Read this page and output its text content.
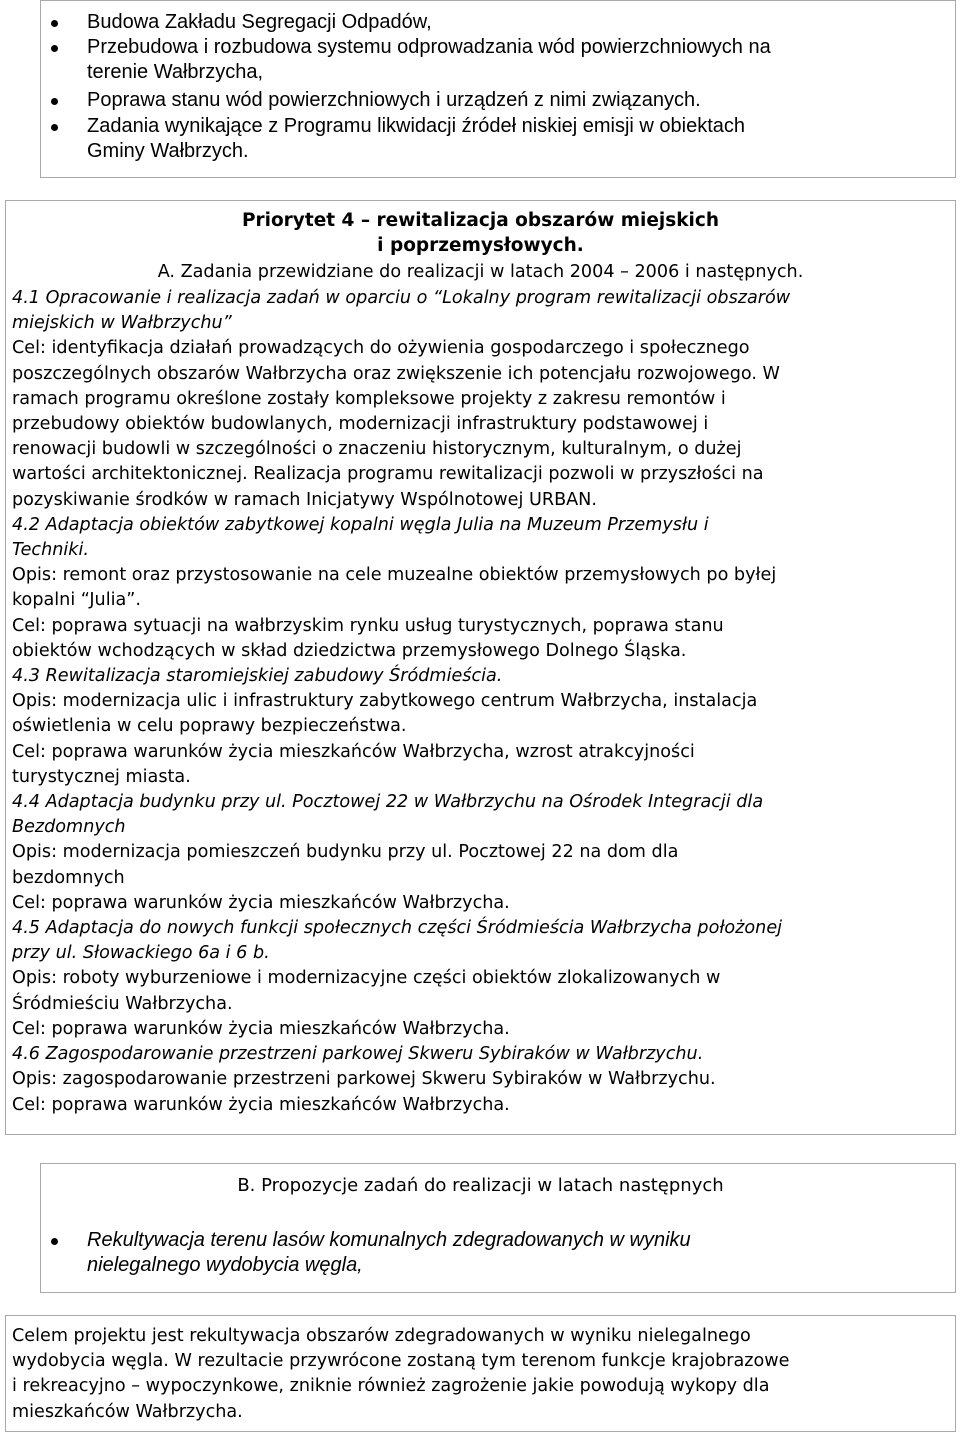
Budowa Zakładu Segregacji Odpadów,
Przebudowa i rozbudowa systemu odprowadzania wód powierzchniowych na
terenie Wałbrzycha,
Poprawa stanu wód powierzchniowych i urządzeń z nimi związanych.
Zadania wynikające z Programu likwidacji źródeł niskiej emisji w obiektach
Gminy Wałbrzych.
Priorytet 4 – rewitalizacja obszarów miejskich
i poprzemysłowych.
A. Zadania przewidziane do realizacji w latach 2004 – 2006 i następnych.
4.1 Opracowanie i realizacja zadań w oparciu o “Lokalny program rewitalizacji obszarów
miejskich w Wałbrzychu”
Cel: identyfikacja działań prowadzących do ożywienia gospodarczego i społecznego
poszczególnych obszarów Wałbrzycha oraz zwiększenie ich potencjału rozwojowego. W
ramach programu określone zostały kompleksowe projekty z zakresu remontów i
przebudowy obiektów budowlanych, modernizacji infrastruktury podstawowej i
renowacji budowli w szczególności o znaczeniu historycznym, kulturalnym, o dużej
wartości architektonicznej. Realizacja programu rewitalizacji pozwoli w przyszłości na
pozyskiwanie środków w ramach Inicjatywy Wspólnotowej URBAN.
4.2 Adaptacja obiektów zabytkowej kopalni węgla Julia na Muzeum Przemysłu i
Techniki.
Opis: remont oraz przystosowanie na cele muzealne obiektów przemysłowych po byłej
kopalni “Julia”.
Cel: poprawa sytuacji na wałbrzyskim rynku usług turystycznych, poprawa stanu
obiektów wchodzących w skład dziedzictwa przemysłowego Dolnego Śląska.
4.3 Rewitalizacja staromiejskiej zabudowy Śródmieścia.
Opis: modernizacja ulic i infrastruktury zabytkowego centrum Wałbrzycha, instalacja
oświetlenia w celu poprawy bezpieczeństwa.
Cel: poprawa warunków życia mieszkańców Wałbrzycha, wzrost atrakcyjności
turystycznej miasta.
4.4 Adaptacja budynku przy ul. Pocztowej 22 w Wałbrzychu na Ośrodek Integracji dla
Bezdomnych
Opis: modernizacja pomieszczeń budynku przy ul. Pocztowej 22 na dom dla
bezdomnych
Cel: poprawa warunków życia mieszkańców Wałbrzycha.
4.5 Adaptacja do nowych funkcji społecznych części Śródmieścia Wałbrzycha położonej
przy ul. Słowackiego 6a i 6 b.
Opis: roboty wyburzeniowe i modernizacyjne części obiektów zlokalizowanych w
Śródmieściu Wałbrzycha.
Cel: poprawa warunków życia mieszkańców Wałbrzycha.
4.6 Zagospodarowanie przestrzeni parkowej Skweru Sybiraków w Wałbrzychu.
Opis: zagospodarowanie przestrzeni parkowej Skweru Sybiraków w Wałbrzychu.
Cel: poprawa warunków życia mieszkańców Wałbrzycha.
B. Propozycje zadań do realizacji w latach następnych
Rekultywacja terenu lasów komunalnych zdegradowanych w wyniku
nielegalnego wydobycia węgla,
Celem projektu jest rekultywacja obszarów zdegradowanych w wyniku nielegalnego
wydobycia węgla. W rezultacie przywrócone zostaną tym terenom funkcje krajobrazowe
i rekreacyjno – wypoczynkowe, zniknie również zagrożenie jakie powodują wykopy dla
mieszkańców Wałbrzycha.
